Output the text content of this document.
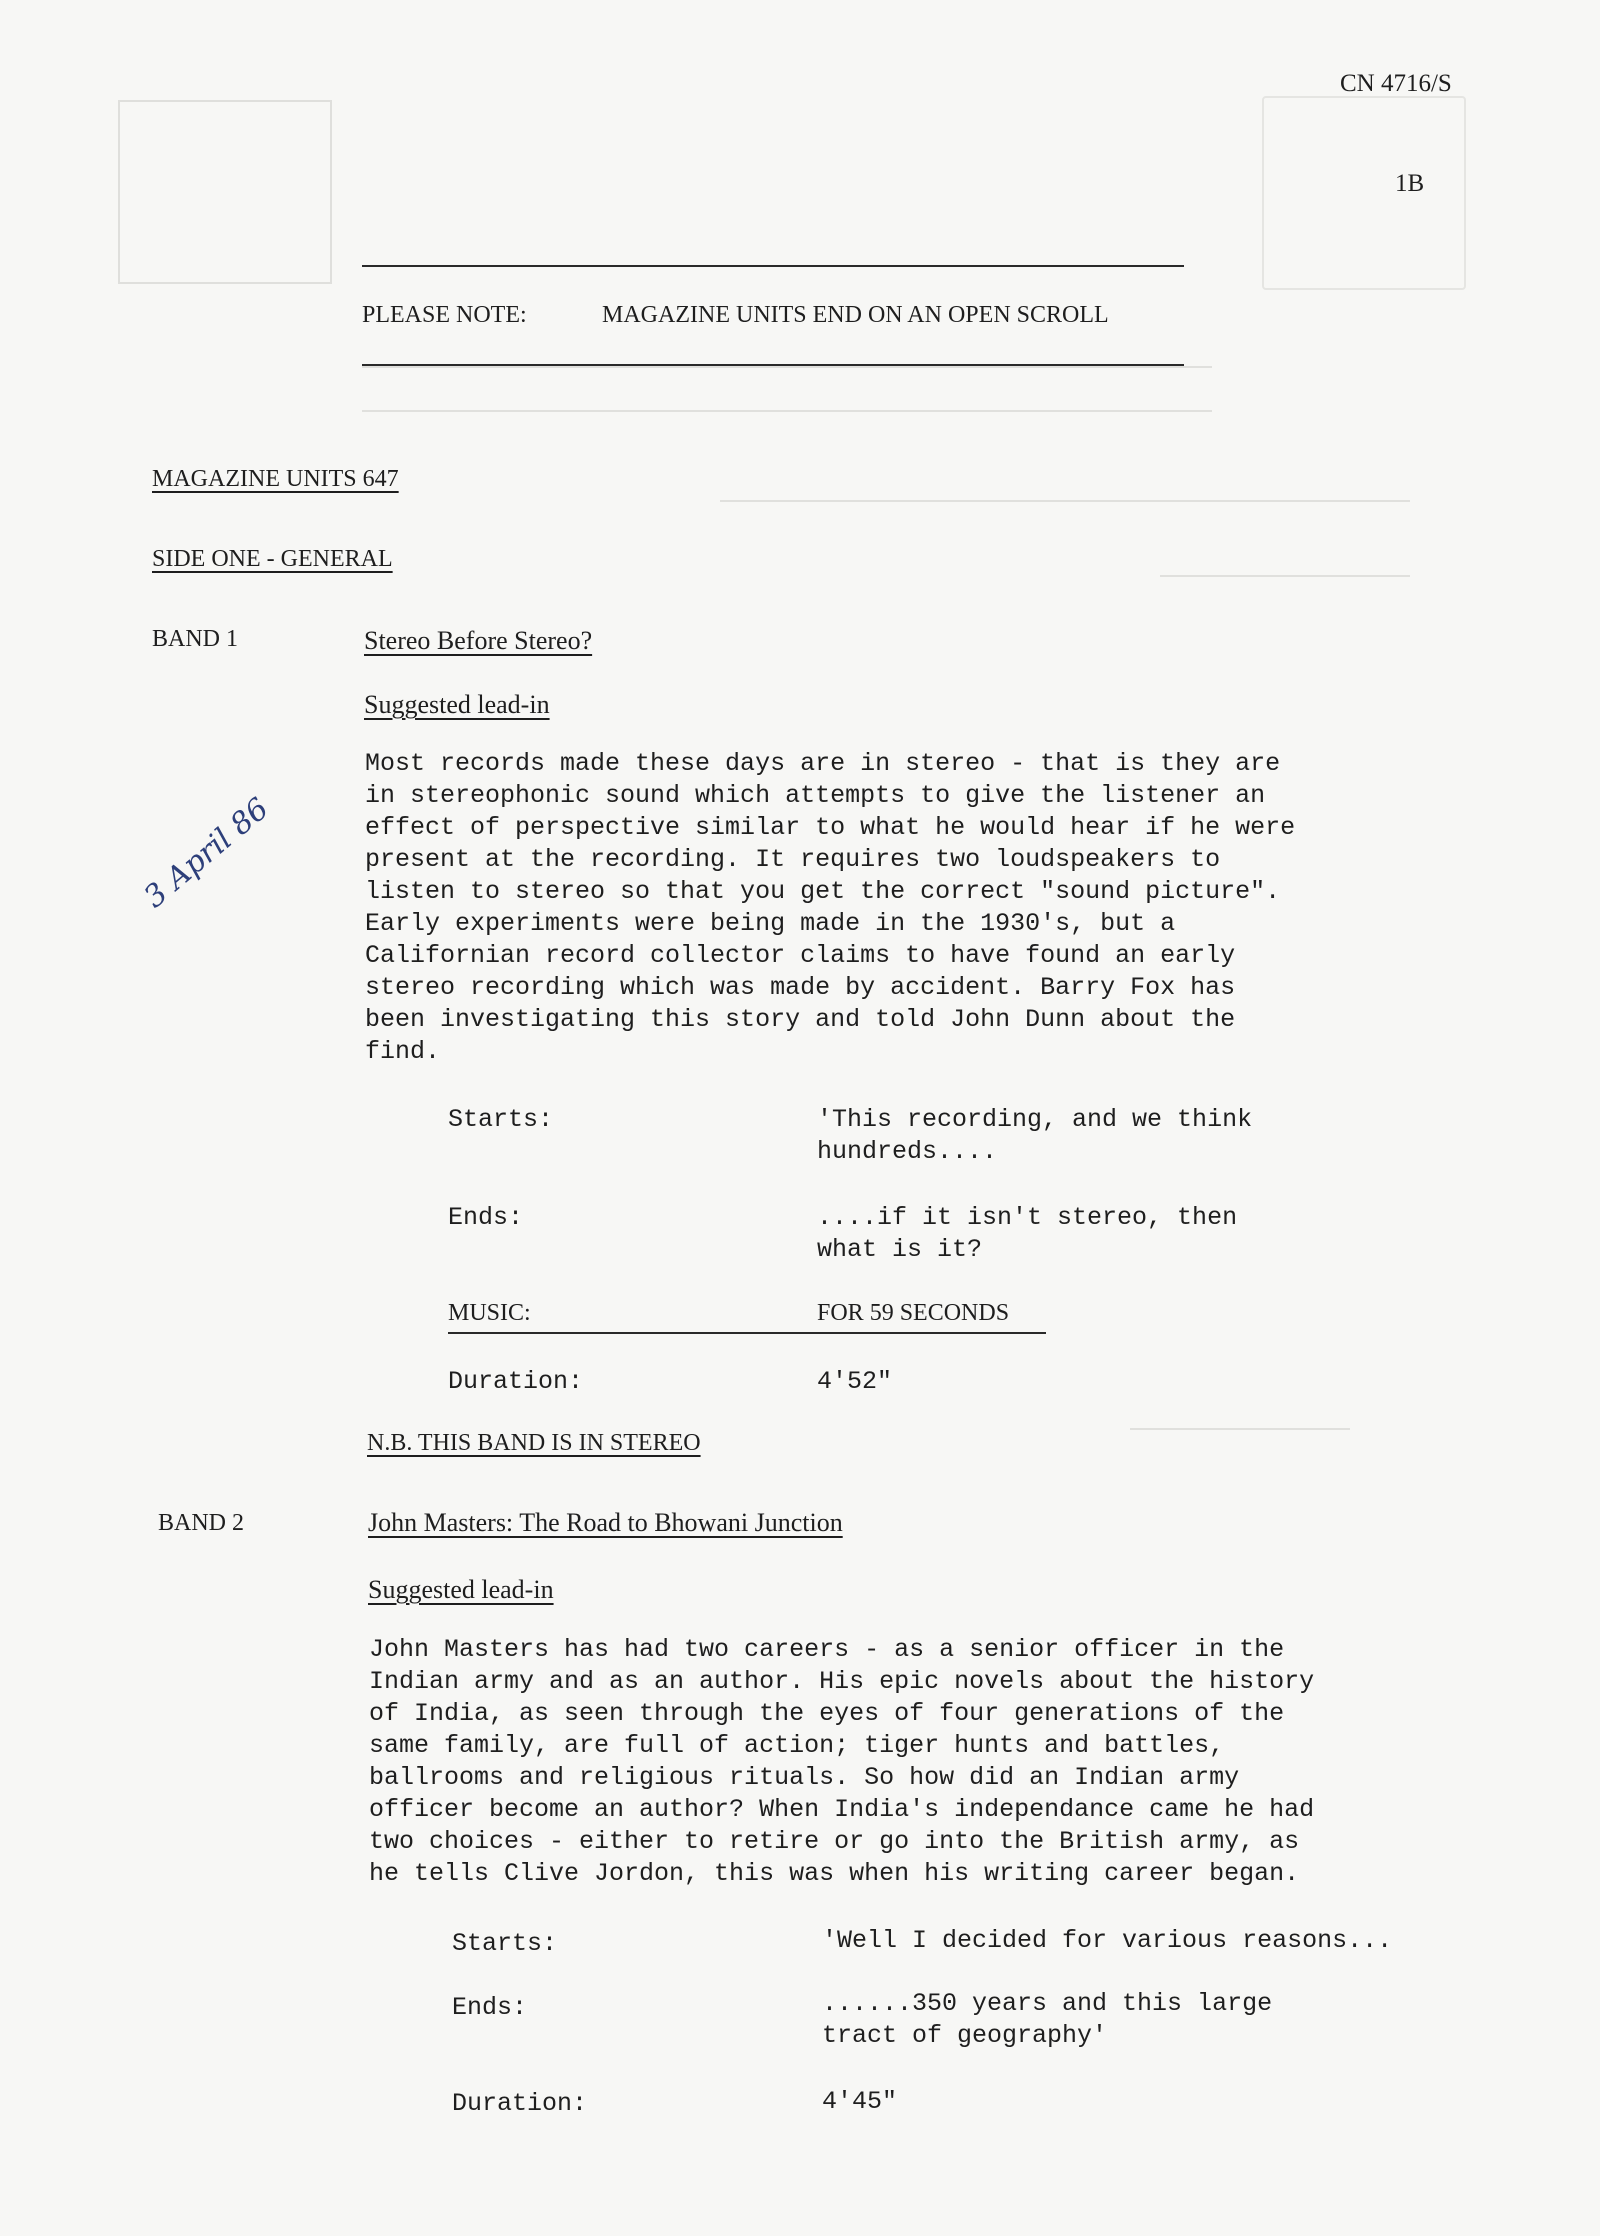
CN 4716/S
1B
PLEASE NOTE:	MAGAZINE UNITS END ON AN OPEN SCROLL
MAGAZINE UNITS 647
SIDE ONE - GENERAL
3 April 86
BAND 1	Stereo Before Stereo?
Suggested lead-in
Most records made these days are in stereo - that is they are
in stereophonic sound which attempts to give the listener an
effect of perspective similar to what he would hear if he were
present at the recording. It requires two loudspeakers to
listen to stereo so that you get the correct "sound picture".
Early experiments were being made in the 1930's, but a
Californian record collector claims to have found an early
stereo recording which was made by accident. Barry Fox has
been investigating this story and told John Dunn about the
find.
Starts:	'This recording, and we think
hundreds....
Ends:	....if it isn't stereo, then
what is it?
MUSIC:	FOR 59 SECONDS
Duration:	4'52"
N.B. THIS BAND IS IN STEREO
BAND 2	John Masters: The Road to Bhowani Junction
Suggested lead-in
John Masters has had two careers - as a senior officer in the
Indian army and as an author. His epic novels about the history
of India, as seen through the eyes of four generations of the
same family, are full of action; tiger hunts and battles,
ballrooms and religious rituals. So how did an Indian army
officer become an author? When India's independance came he had
two choices - either to retire or go into the British army, as
he tells Clive Jordon, this was when his writing career began.
Starts:	'Well I decided for various reasons...
Ends:	......350 years and this large
tract of geography'
Duration:	4'45"
